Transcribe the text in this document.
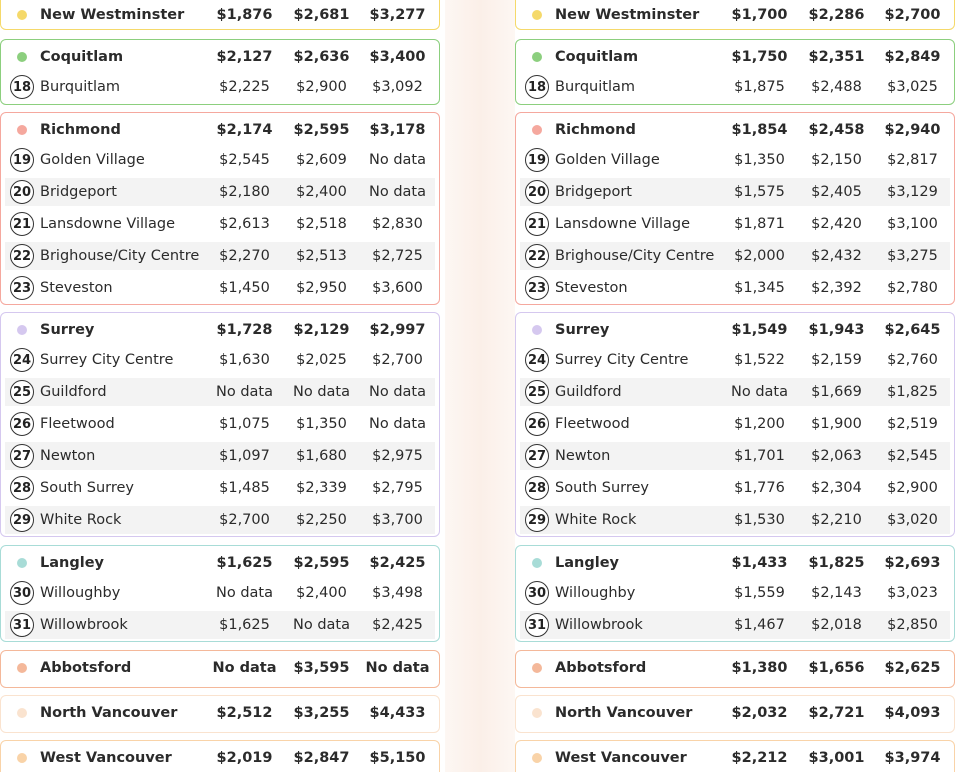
New Westminster	$1,876	$2,681	$3,277
Coquitlam	$2,127	$2,636	$3,400
18 Burquitlam	$2,225	$2,900	$3,092
Richmond	$2,174	$2,595	$3,178
19 Golden Village	$2,545	$2,609	No data
20 Bridgeport	$2,180	$2,400	No data
21 Lansdowne Village	$2,613	$2,518	$2,830
22 Brighouse/City Centre	$2,270	$2,513	$2,725
23 Steveston	$1,450	$2,950	$3,600
Surrey	$1,728	$2,129	$2,997
24 Surrey City Centre	$1,630	$2,025	$2,700
25 Guildford	No data	No data	No data
26 Fleetwood	$1,075	$1,350	No data
27 Newton	$1,097	$1,680	$2,975
28 South Surrey	$1,485	$2,339	$2,795
29 White Rock	$2,700	$2,250	$3,700
Langley	$1,625	$2,595	$2,425
30 Willoughby	No data	$2,400	$3,498
31 Willowbrook	$1,625	No data	$2,425
Abbotsford	No data	$3,595	No data
North Vancouver	$2,512	$3,255	$4,433
West Vancouver	$2,019	$2,847	$5,150
New Westminster	$1,700	$2,286	$2,700
Coquitlam	$1,750	$2,351	$2,849
18 Burquitlam	$1,875	$2,488	$3,025
Richmond	$1,854	$2,458	$2,940
19 Golden Village	$1,350	$2,150	$2,817
20 Bridgeport	$1,575	$2,405	$3,129
21 Lansdowne Village	$1,871	$2,420	$3,100
22 Brighouse/City Centre	$2,000	$2,432	$3,275
23 Steveston	$1,345	$2,392	$2,780
Surrey	$1,549	$1,943	$2,645
24 Surrey City Centre	$1,522	$2,159	$2,760
25 Guildford	No data	$1,669	$1,825
26 Fleetwood	$1,200	$1,900	$2,519
27 Newton	$1,701	$2,063	$2,545
28 South Surrey	$1,776	$2,304	$2,900
29 White Rock	$1,530	$2,210	$3,020
Langley	$1,433	$1,825	$2,693
30 Willoughby	$1,559	$2,143	$3,023
31 Willowbrook	$1,467	$2,018	$2,850
Abbotsford	$1,380	$1,656	$2,625
North Vancouver	$2,032	$2,721	$4,093
West Vancouver	$2,212	$3,001	$3,974
